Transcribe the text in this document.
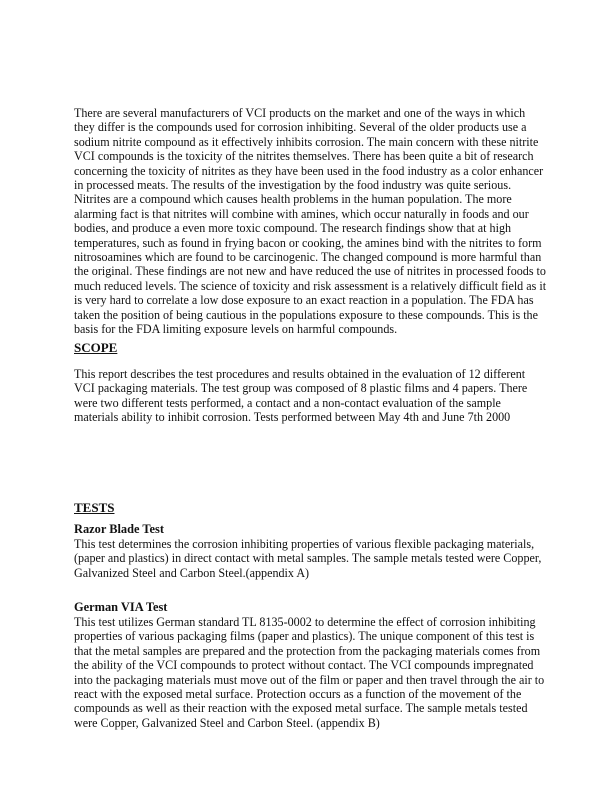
There are several manufacturers of VCI products on the market and one of the ways in which they differ is the compounds used for corrosion inhibiting. Several of the older products use a sodium nitrite compound as it effectively inhibits corrosion. The main concern with these nitrite VCI compounds is the toxicity of the nitrites themselves. There has been quite a bit of research concerning the toxicity of nitrites as they have been used in the food industry as a color enhancer in processed meats. The results of the investigation by the food industry was quite serious. Nitrites are a compound which causes health problems in the human population. The more alarming fact is that nitrites will combine with amines, which occur naturally in foods and our bodies, and produce a even more toxic compound. The research findings show that at high temperatures, such as found in frying bacon or cooking, the amines bind with the nitrites to form nitrosoamines which are found to be carcinogenic. The changed compound is more harmful than the original. These findings are not new and have reduced the use of nitrites in processed foods to much reduced levels. The science of toxicity and risk assessment is a relatively difficult field as it is very hard to correlate a low dose exposure to an exact reaction in a population. The FDA has taken the position of being cautious in the populations exposure to these compounds. This is the basis for the FDA limiting exposure levels on harmful compounds.

SCOPE

This report describes the test procedures and results obtained in the evaluation of 12 different VCI packaging materials. The test group was composed of 8 plastic films and 4 papers. There were two different tests performed, a contact and a non-contact evaluation of the sample materials ability to inhibit corrosion. Tests performed between May 4th and June 7th 2000

TESTS

Razor Blade Test

This test determines the corrosion inhibiting properties of various flexible packaging materials, (paper and plastics) in direct contact with metal samples. The sample metals tested were Copper, Galvanized Steel and Carbon Steel.(appendix A)

German VIA Test

This test utilizes German standard TL 8135-0002 to determine the effect of corrosion inhibiting properties of various packaging films (paper and plastics). The unique component of this test is that the metal samples are prepared and the protection from the packaging materials comes from the ability of the VCI compounds to protect without contact. The VCI compounds impregnated into the packaging materials must move out of the film or paper and then travel through the air to react with the exposed metal surface. Protection occurs as a function of the movement of the compounds as well as their reaction with the exposed metal surface. The sample metals tested were Copper, Galvanized Steel and Carbon Steel. (appendix B)
